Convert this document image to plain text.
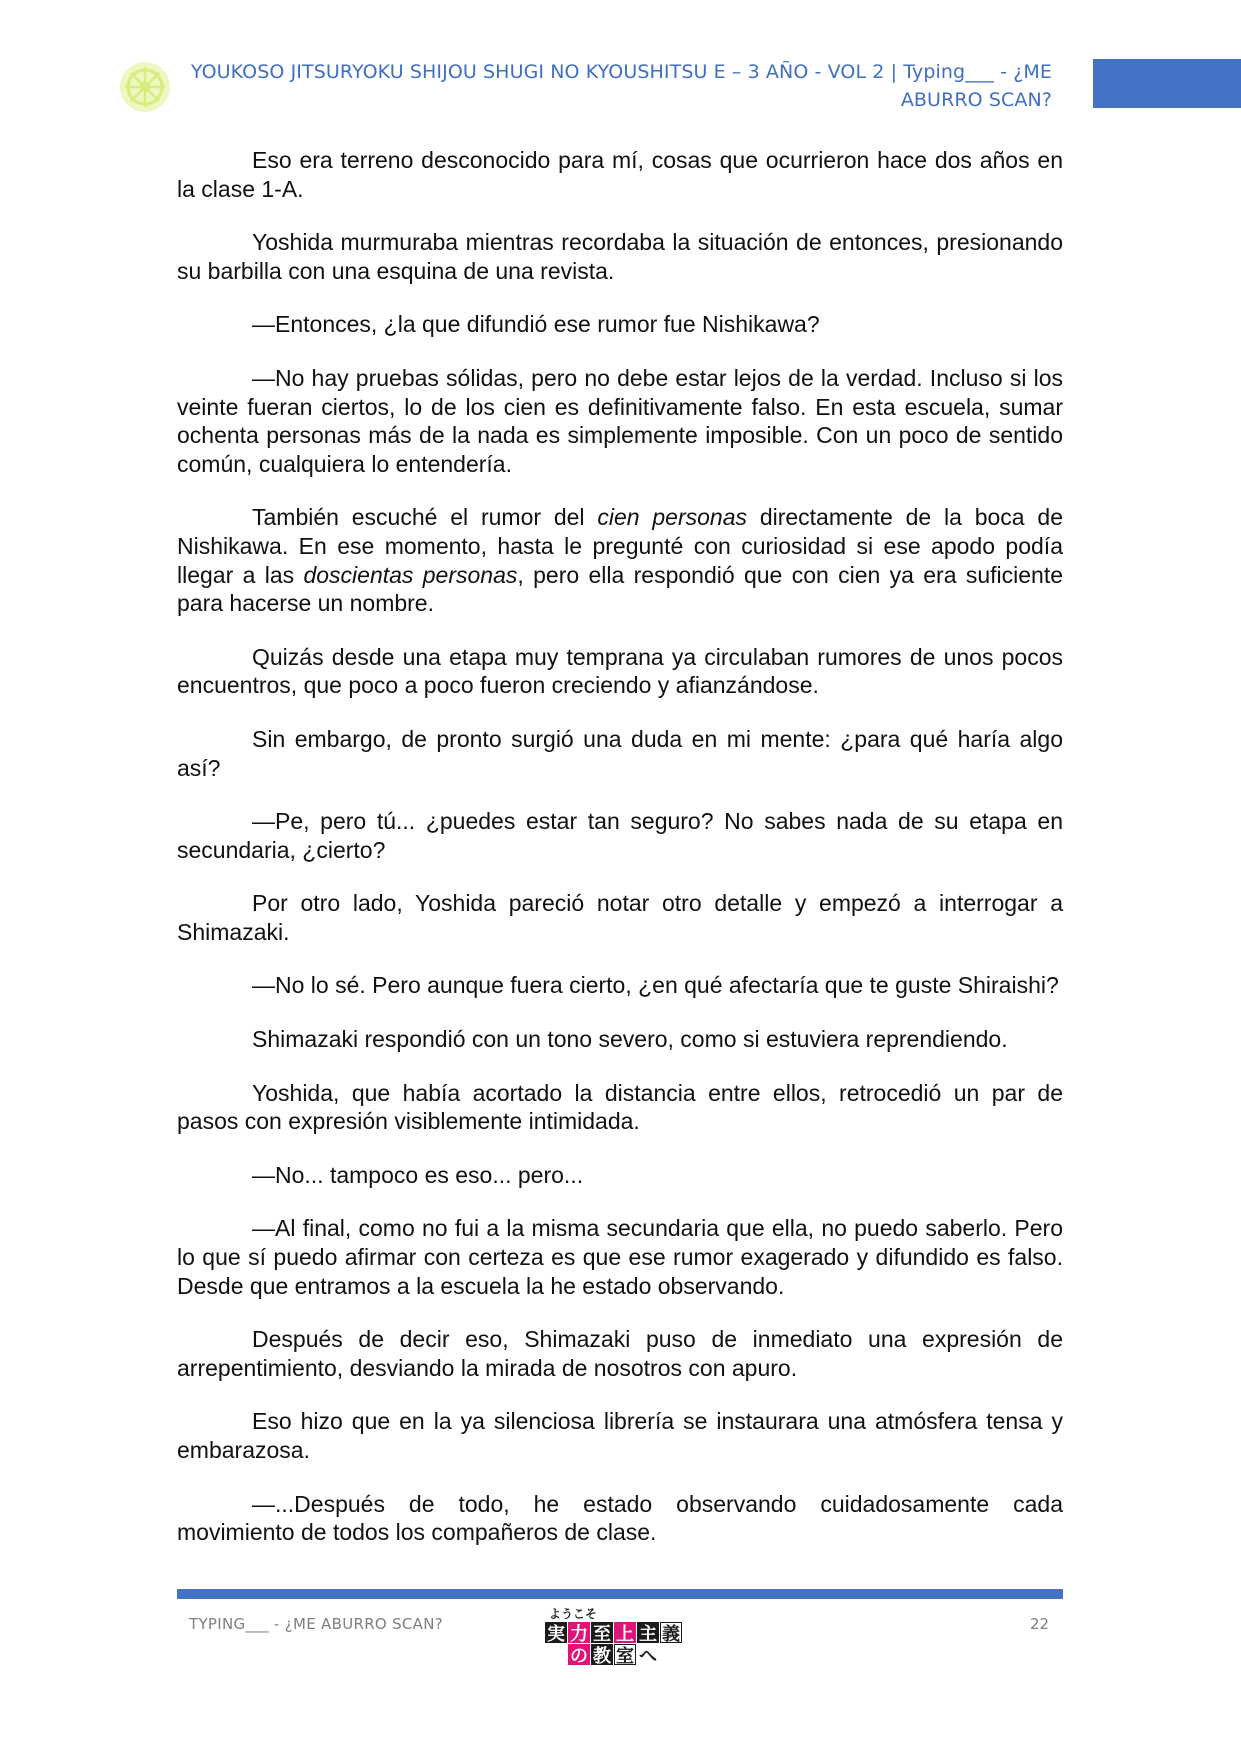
YOUKOSO JITSURYOKU SHIJOU SHUGI NO KYOUSHITSU E – 3 AÑO - VOL 2 | Typing___ - ¿ME
ABURRO SCAN?

Eso era terreno desconocido para mí, cosas que ocurrieron hace dos años en la clase 1-A.

Yoshida murmuraba mientras recordaba la situación de entonces, presionando su barbilla con una esquina de una revista.

—Entonces, ¿la que difundió ese rumor fue Nishikawa?

—No hay pruebas sólidas, pero no debe estar lejos de la verdad. Incluso si los veinte fueran ciertos, lo de los cien es definitivamente falso. En esta escuela, sumar ochenta personas más de la nada es simplemente imposible. Con un poco de sentido común, cualquiera lo entendería.

También escuché el rumor del cien personas directamente de la boca de Nishikawa. En ese momento, hasta le pregunté con curiosidad si ese apodo podía llegar a las doscientas personas, pero ella respondió que con cien ya era suficiente para hacerse un nombre.

Quizás desde una etapa muy temprana ya circulaban rumores de unos pocos encuentros, que poco a poco fueron creciendo y afianzándose.

Sin embargo, de pronto surgió una duda en mi mente: ¿para qué haría algo así?

—Pe, pero tú... ¿puedes estar tan seguro? No sabes nada de su etapa en secundaria, ¿cierto?

Por otro lado, Yoshida pareció notar otro detalle y empezó a interrogar a Shimazaki.

—No lo sé. Pero aunque fuera cierto, ¿en qué afectaría que te guste Shiraishi?

Shimazaki respondió con un tono severo, como si estuviera reprendiendo.

Yoshida, que había acortado la distancia entre ellos, retrocedió un par de pasos con expresión visiblemente intimidada.

—No... tampoco es eso... pero...

—Al final, como no fui a la misma secundaria que ella, no puedo saberlo. Pero lo que sí puedo afirmar con certeza es que ese rumor exagerado y difundido es falso. Desde que entramos a la escuela la he estado observando.

Después de decir eso, Shimazaki puso de inmediato una expresión de arrepentimiento, desviando la mirada de nosotros con apuro.

Eso hizo que en la ya silenciosa librería se instaurara una atmósfera tensa y embarazosa.

—...Después de todo, he estado observando cuidadosamente cada movimiento de todos los compañeros de clase.

TYPING___ - ¿ME ABURRO SCAN?
ようこそ
実 力 至 上 主 義
の 教 室 へ
22
